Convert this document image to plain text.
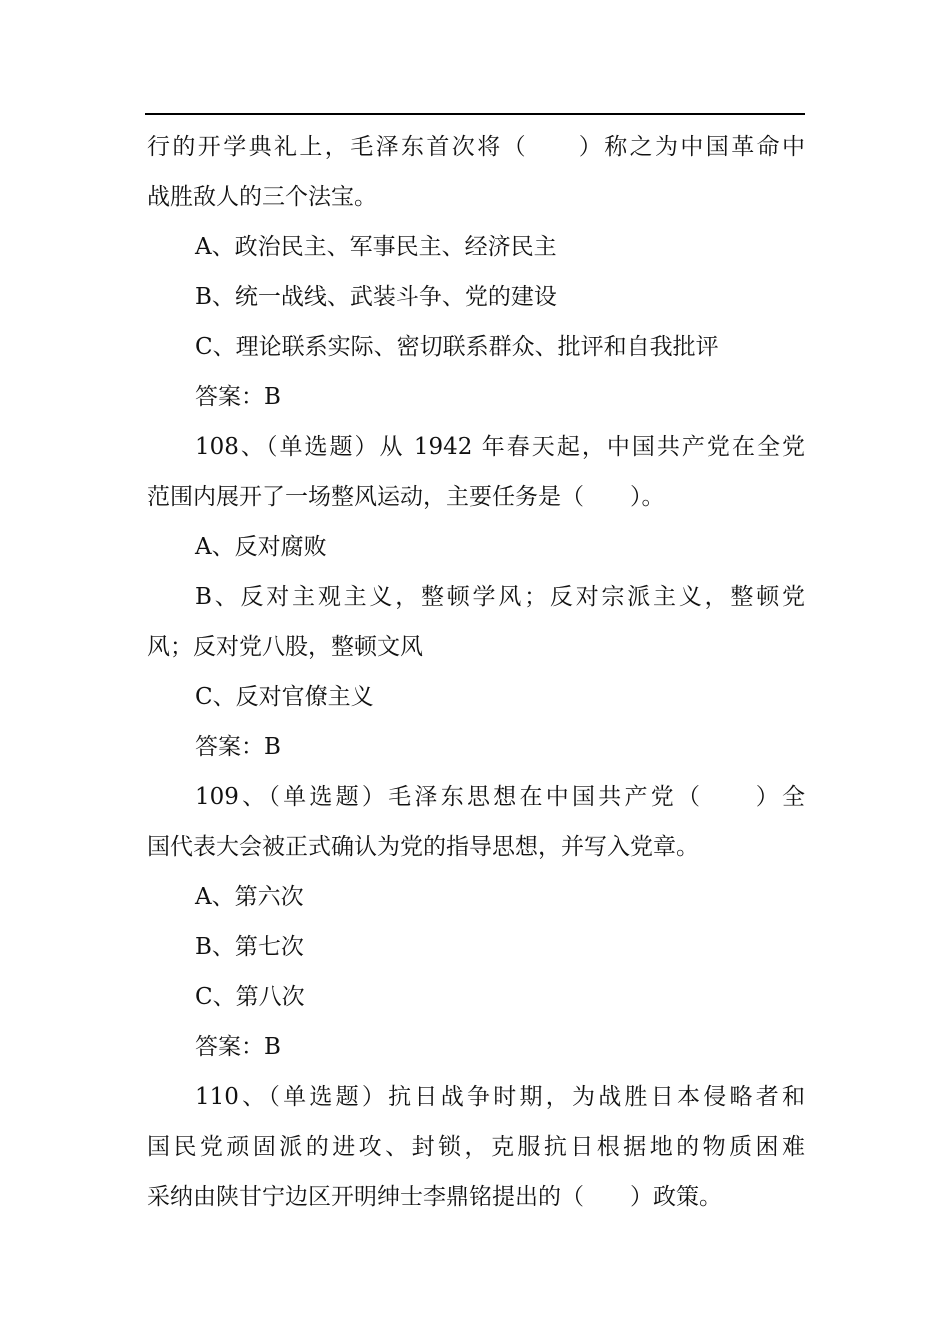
行的开学典礼上，毛泽东首次将（　　）称之为中国革命中
战胜敌人的三个法宝。
A、政治民主、军事民主、经济民主
B、统一战线、武装斗争、党的建设
C、理论联系实际、密切联系群众、批评和自我批评
答案：B
108、（单选题）从 1942 年春天起，中国共产党在全党
范围内展开了一场整风运动，主要任务是（　　）。
A、反对腐败
B、反对主观主义，整顿学风；反对宗派主义，整顿党
风；反对党八股，整顿文风
C、反对官僚主义
答案：B
109、（单选题）毛泽东思想在中国共产党（　　）全
国代表大会被正式确认为党的指导思想，并写入党章。
A、第六次
B、第七次
C、第八次
答案：B
110、（单选题）抗日战争时期，为战胜日本侵略者和
国民党顽固派的进攻、封锁，克服抗日根据地的物质困难
采纳由陕甘宁边区开明绅士李鼎铭提出的（　　）政策。
